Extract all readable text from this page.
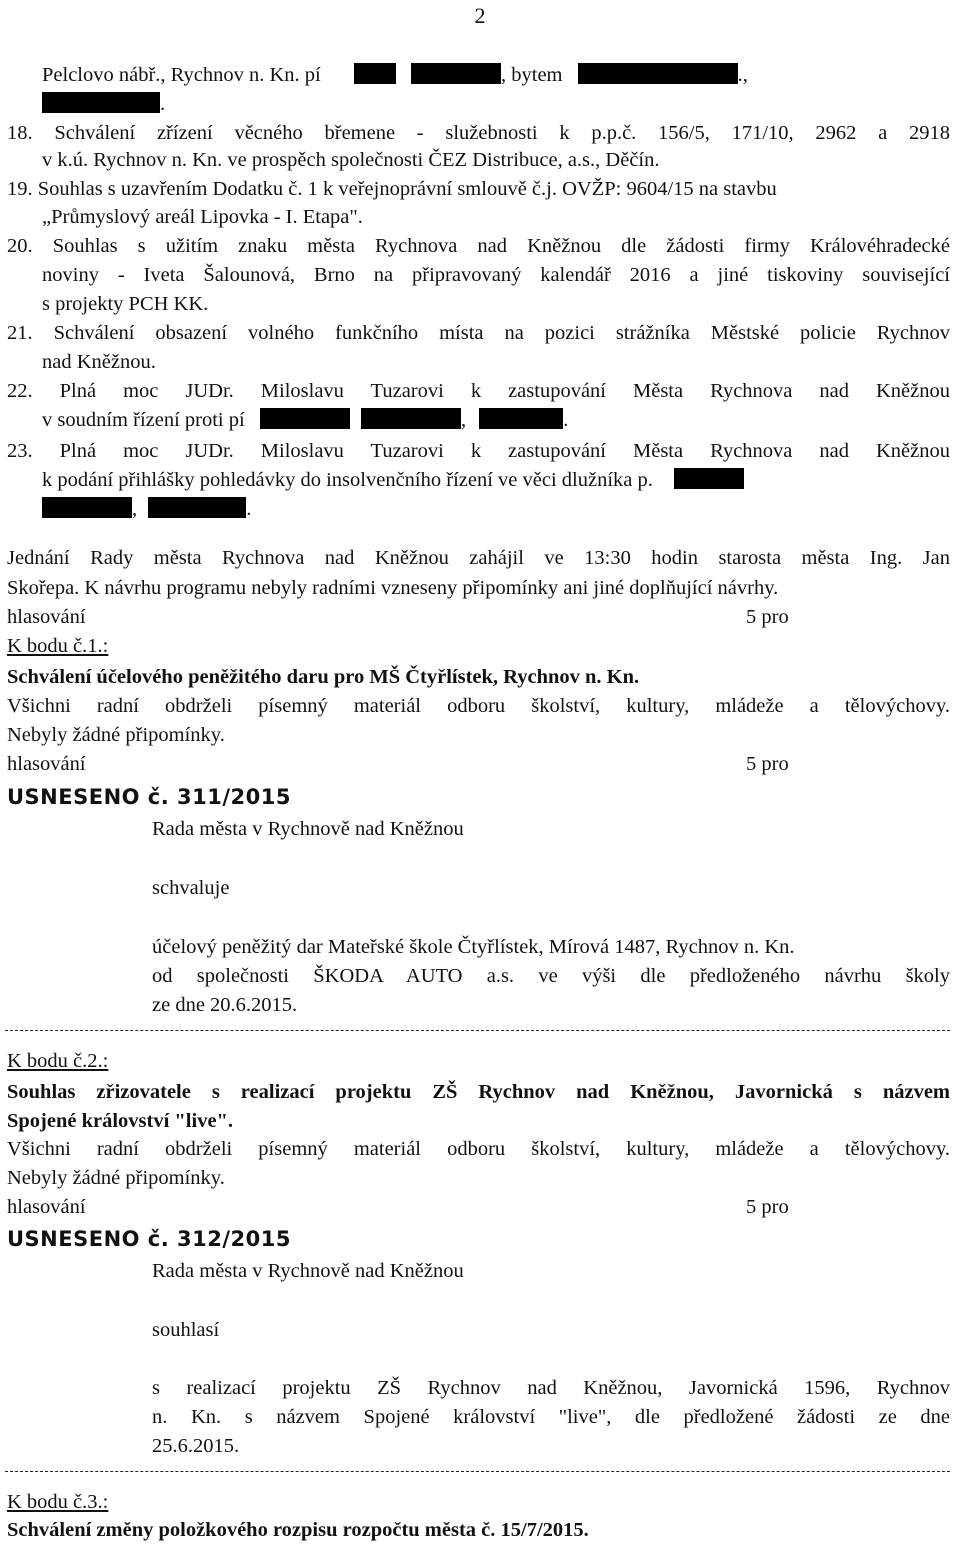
2
Pelclovo nábř., Rychnov n. Kn. pí	, bytem	.,
.
18. Schválení zřízení věcného břemene - služebnosti k p.p.č. 156/5, 171/10, 2962 a 2918
v k.ú. Rychnov n. Kn. ve prospěch společnosti ČEZ Distribuce, a.s., Děčín.
19. Souhlas s uzavřením Dodatku č. 1 k veřejnoprávní smlouvě č.j. OVŽP: 9604/15 na stavbu
„Průmyslový areál Lipovka - I. Etapa".
20. Souhlas s užitím znaku města Rychnova nad Kněžnou dle žádosti firmy Královéhradecké
noviny - Iveta Šalounová, Brno na připravovaný kalendář 2016 a jiné tiskoviny související
s projekty PCH KK.
21. Schválení obsazení volného funkčního místa na pozici strážníka Městské policie Rychnov
nad Kněžnou.
22. Plná moc JUDr. Miloslavu Tuzarovi k zastupování Města Rychnova nad Kněžnou
v soudním řízení proti pí	,	.
23. Plná moc JUDr. Miloslavu Tuzarovi k zastupování Města Rychnova nad Kněžnou
k podání přihlášky pohledávky do insolvenčního řízení ve věci dlužníka p.
,	.
Jednání Rady města Rychnova nad Kněžnou zahájil ve 13:30 hodin starosta města Ing. Jan
Skořepa. K návrhu programu nebyly radními vzneseny připomínky ani jiné doplňující návrhy.
hlasování	5 pro
K bodu č.1.:
Schválení účelového peněžitého daru pro MŠ Čtyřlístek, Rychnov n. Kn.
Všichni radní obdrželi písemný materiál odboru školství, kultury, mládeže a tělovýchovy.
Nebyly žádné připomínky.
hlasování	5 pro
USNESENO č. 311/2015
Rada města v Rychnově nad Kněžnou
schvaluje
účelový peněžitý dar Mateřské škole Čtyřlístek, Mírová 1487, Rychnov n. Kn.
od společnosti ŠKODA AUTO a.s. ve výši dle předloženého návrhu školy
ze dne 20.6.2015.
K bodu č.2.:
Souhlas zřizovatele s realizací projektu ZŠ Rychnov nad Kněžnou, Javornická s názvem
Spojené království "live".
Všichni radní obdrželi písemný materiál odboru školství, kultury, mládeže a tělovýchovy.
Nebyly žádné připomínky.
hlasování	5 pro
USNESENO č. 312/2015
Rada města v Rychnově nad Kněžnou
souhlasí
s realizací projektu ZŠ Rychnov nad Kněžnou, Javornická 1596, Rychnov
n. Kn. s názvem Spojené království "live", dle předložené žádosti ze dne
25.6.2015.
K bodu č.3.:
Schválení změny položkového rozpisu rozpočtu města č. 15/7/2015.
